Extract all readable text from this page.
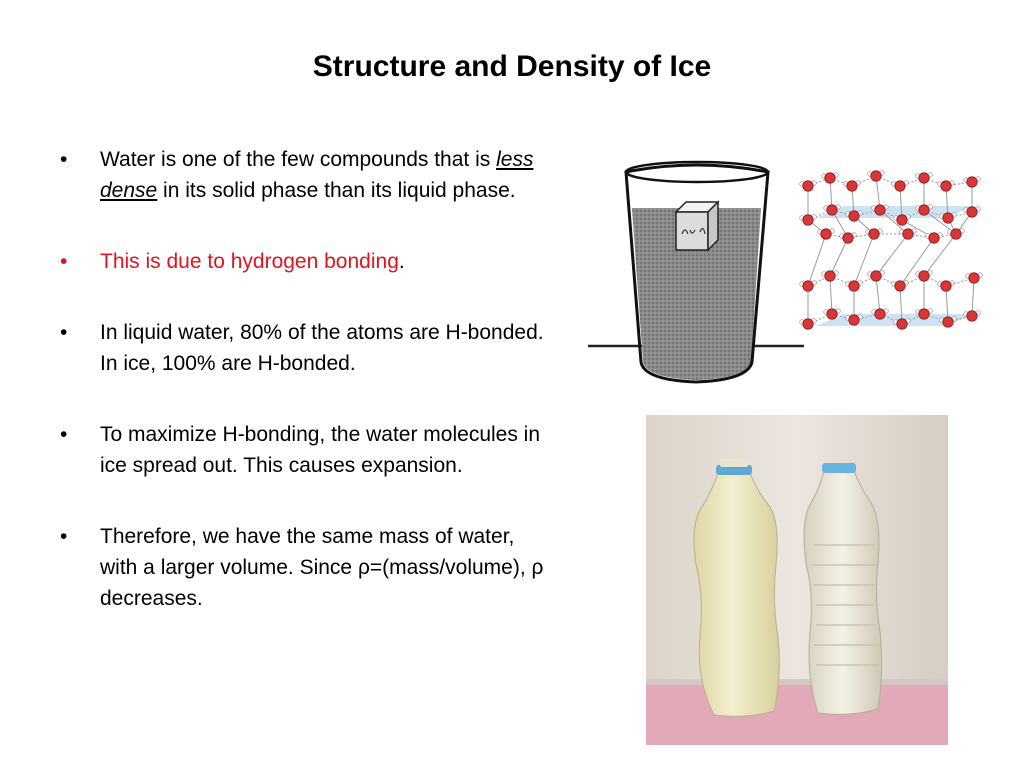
Structure and Density of Ice
• Water is one of the few compounds that is less dense in its solid phase than its liquid phase.
• This is due to hydrogen bonding.
• In liquid water, 80% of the atoms are H-bonded. In ice, 100% are H-bonded.
• To maximize H-bonding, the water molecules in ice spread out. This causes expansion.
• Therefore, we have the same mass of water, with a larger volume. Since ρ=(mass/volume), ρ decreases.
